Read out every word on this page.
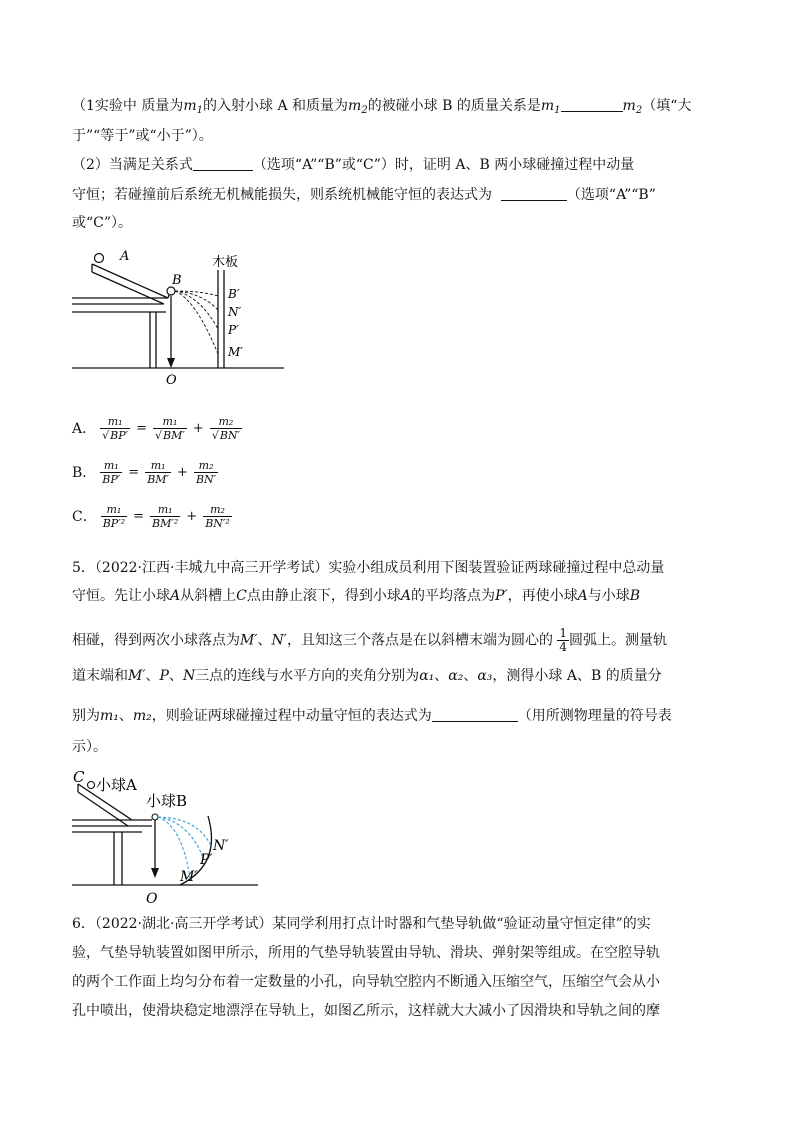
（1实验中 质量为$m_1$的入射小球 A 和质量为$m_2$的被碰小球 B 的质量关系是$m_1$	$m_2$（填“大
于”“等于”或“小于”）。
（2）当满足关系式	（选项“A”“B”或“C”）时，证明 A、B 两小球碰撞过程中动量
守恒；若碰撞前后系统无机械能损失，则系统机械能守恒的表达式为	（选项“A”“B”
或“C”）。
A
B
木板
B′
N′
P′
M′
O
A． $\frac{\text{m₁}}{√BP'} = \frac{\text{m₁}}{√BM'} + \frac{\text{m₂}}{√BN'}$
B． $\frac{\text{m₁}}{BP'} = \frac{\text{m₁}}{BM'} + \frac{\text{m₂}}{BN'}$
C． $\frac{\text{m₁}}{\text{BP′²}} = \frac{\text{m₁}}{\text{BM′²}} + \frac{\text{m₂}}{\text{BN′²}}$
5．（2022·江西·丰城九中高三开学考试）实验小组成员利用下图装置验证两球碰撞过程中总动量
守恒。先让小球A从斜槽上C点由静止滚下，得到小球A的平均落点为P′，再使小球A与小球B
相碰，得到两次小球落点为M′、N′，且知这三个落点是在以斜槽末端为圆心的 $\frac{1}{4}$ 圆弧上。测量轨
道末端和M′、P、N三点的连线与水平方向的夹角分别为α₁、α₂、α₃，测得小球 A、B 的质量分
别为m₁、m₂，则验证两球碰撞过程中动量守恒的表达式为	（用所测物理量的符号表
示）。
C 小球A
小球B
N′
P′
M′
O
6．（2022·湖北·高三开学考试）某同学利用打点计时器和气垫导轨做“验证动量守恒定律”的实
验，气垫导轨装置如图甲所示，所用的气垫导轨装置由导轨、滑块、弹射架等组成。在空腔导轨
的两个工作面上均匀分布着一定数量的小孔，向导轨空腔内不断通入压缩空气，压缩空气会从小
孔中喷出，使滑块稳定地漂浮在导轨上，如图乙所示，这样就大大减小了因滑块和导轨之间的摩
